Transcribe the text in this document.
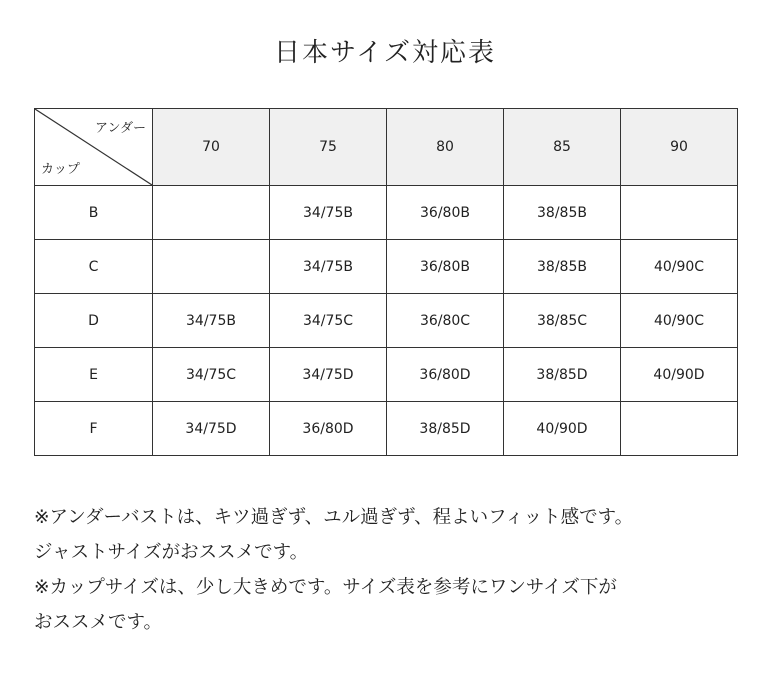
日本サイズ対応表
アンダー
カップ	70	75	80	85	90
B		34/75B	36/80B	38/85B	
C		34/75B	36/80B	38/85B	40/90C
D	34/75B	34/75C	36/80C	38/85C	40/90C
E	34/75C	34/75D	36/80D	38/85D	40/90D
F	34/75D	36/80D	38/85D	40/90D	

※アンダーバストは、キツ過ぎず、ユル過ぎず、程よいフィット感です。

ジャストサイズがおススメです。

※カップサイズは、少し大きめです。サイズ表を参考にワンサイズ下が

おススメです。
